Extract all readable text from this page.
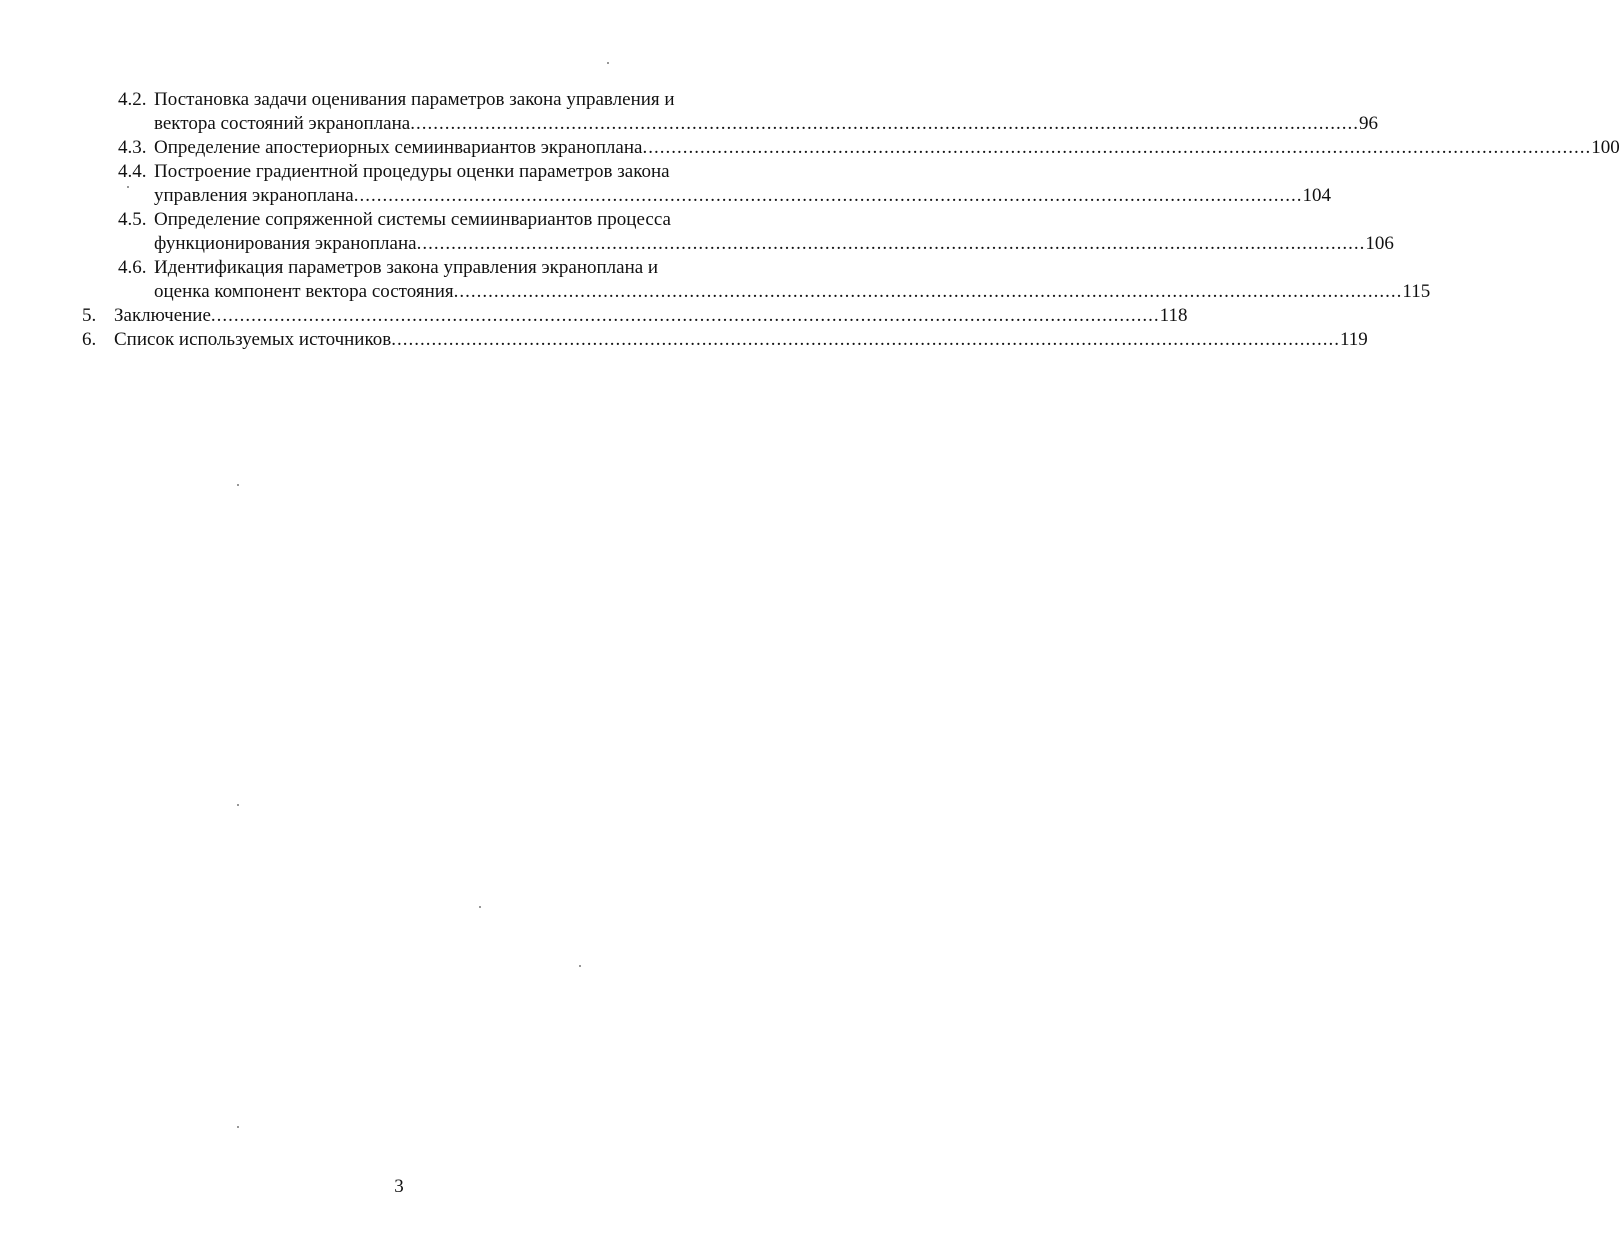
4.2. Постановка задачи оценивания параметров закона управления и
вектора состояний экраноплана ..................................................................................................................................................................... 96
4.3. Определение апостериорных семиинвариантов экраноплана ..................................................................................................................................................................... 100
4.4. Построение градиентной процедуры оценки параметров закона
управления экраноплана ..................................................................................................................................................................... 104
4.5. Определение сопряженной системы семиинвариантов процесса
функционирования экраноплана ..................................................................................................................................................................... 106
4.6. Идентификация параметров закона управления экраноплана и
оценка компонент вектора состояния ..................................................................................................................................................................... 115
5. Заключение ..................................................................................................................................................................... 118
6. Список используемых источников ..................................................................................................................................................................... 119
3
